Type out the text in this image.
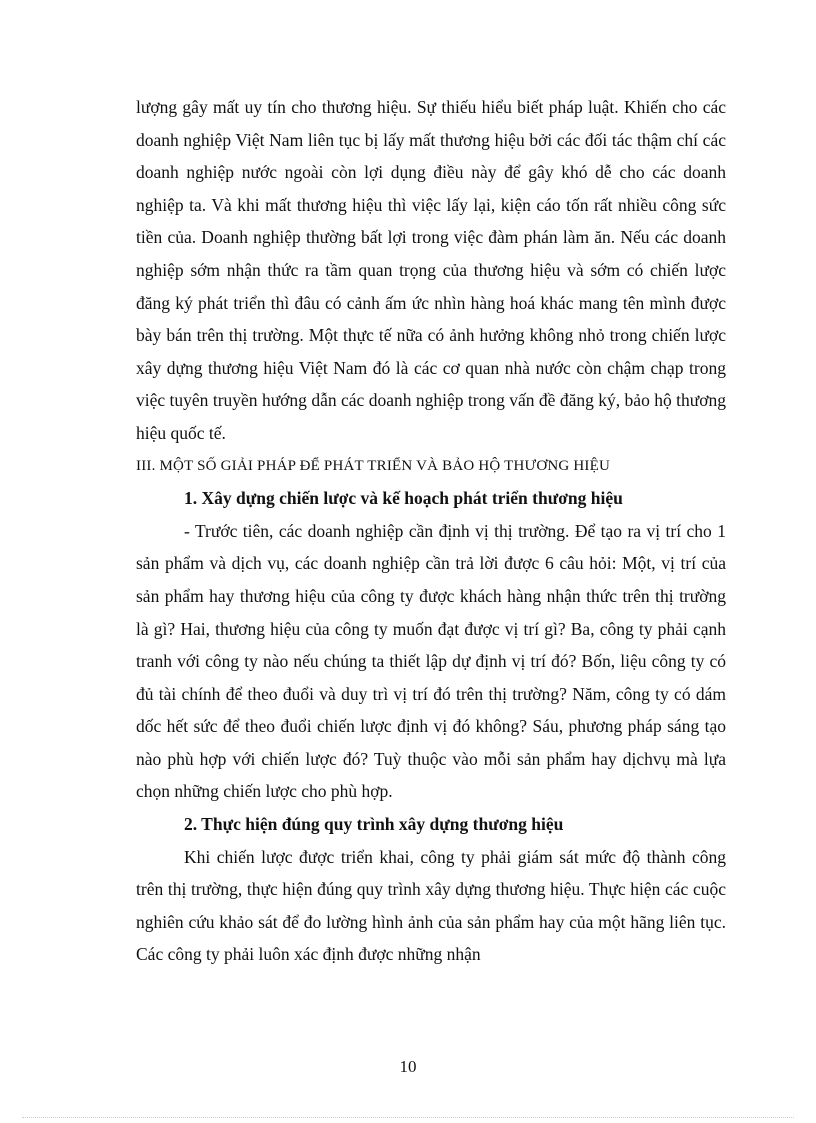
lượng gây mất uy tín cho thương hiệu. Sự thiếu hiểu biết pháp luật. Khiến cho các doanh nghiệp Việt Nam liên tục bị lấy mất thương hiệu bởi các đối tác thậm chí các doanh nghiệp nước ngoài còn lợi dụng điều này để gây khó dễ cho các doanh nghiệp ta. Và khi mất thương hiệu thì việc lấy lại, kiện cáo tốn rất nhiều công sức tiền của. Doanh nghiệp thường bất lợi trong việc đàm phán làm ăn. Nếu các doanh nghiệp sớm nhận thức ra tầm quan trọng của thương hiệu và sớm có chiến lược đăng ký phát triển thì đâu có cảnh ấm ức nhìn hàng hoá khác mang tên mình được bày bán trên thị trường. Một thực tế nữa có ảnh hưởng không nhỏ trong chiến lược xây dựng thương hiệu Việt Nam đó là các cơ quan nhà nước còn chậm chạp trong việc tuyên truyền hướng dẫn các doanh nghiệp trong vấn đề đăng ký, bảo hộ thương hiệu quốc tế.

III. MỘT SỐ GIẢI PHÁP ĐỂ PHÁT TRIỂN VÀ BẢO HỘ THƯƠNG HIỆU

1. Xây dựng chiến lược và kế hoạch phát triển thương hiệu

- Trước tiên, các doanh nghiệp cần định vị thị trường. Để tạo ra vị trí cho 1 sản phẩm và dịch vụ, các doanh nghiệp cần trả lời được 6 câu hỏi: Một, vị trí của sản phẩm hay thương hiệu của công ty được khách hàng nhận thức trên thị trường là gì? Hai, thương hiệu của công ty muốn đạt được vị trí gì? Ba, công ty phải cạnh tranh với công ty nào nếu chúng ta thiết lập dự định vị trí đó? Bốn, liệu công ty có đủ tài chính để theo đuổi và duy trì vị trí đó trên thị trường? Năm, công ty có dám dốc hết sức để theo đuổi chiến lược định vị đó không? Sáu, phương pháp sáng tạo nào phù hợp với chiến lược đó? Tuỳ thuộc vào mỗi sản phẩm hay dịchvụ mà lựa chọn những chiến lược cho phù hợp.

2. Thực hiện đúng quy trình xây dựng thương hiệu

Khi chiến lược được triển khai, công ty phải giám sát mức độ thành công trên thị trường, thực hiện đúng quy trình xây dựng thương hiệu. Thực hiện các cuộc nghiên cứu khảo sát để đo lường hình ảnh của sản phẩm hay của một hãng liên tục. Các công ty phải luôn xác định được những nhận

10
